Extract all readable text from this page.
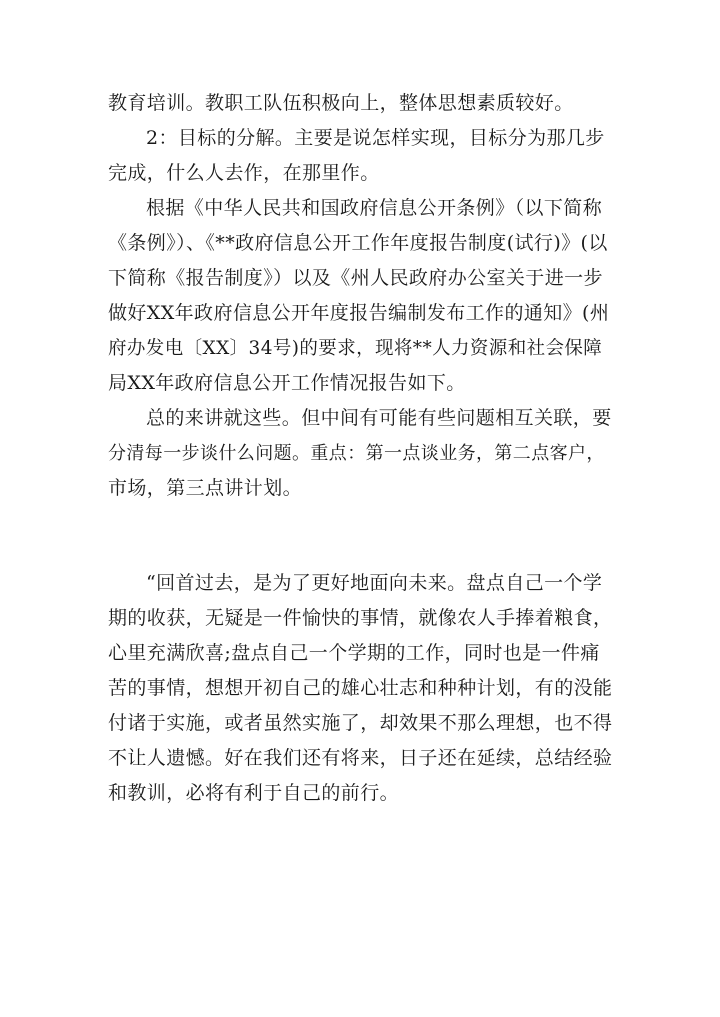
教育培训。教职工队伍积极向上，整体思想素质较好。
2：目标的分解。主要是说怎样实现，目标分为那几步
完成，什么人去作，在那里作。
根据《中华人民共和国政府信息公开条例》（以下简称
《条例》）、《**政府信息公开工作年度报告制度(试行)》(以
下简称《报告制度》）以及《州人民政府办公室关于进一步
做好XX年政府信息公开年度报告编制发布工作的通知》(州
府办发电〔XX〕34号)的要求，现将**人力资源和社会保障
局XX年政府信息公开工作情况报告如下。
总的来讲就这些。但中间有可能有些问题相互关联，要
分清每一步谈什么问题。重点：第一点谈业务，第二点客户，
市场，第三点讲计划。
“回首过去，是为了更好地面向未来。盘点自己一个学
期的收获，无疑是一件愉快的事情，就像农人手捧着粮食，
心里充满欣喜;盘点自己一个学期的工作，同时也是一件痛
苦的事情，想想开初自己的雄心壮志和种种计划，有的没能
付诸于实施，或者虽然实施了，却效果不那么理想，也不得
不让人遗憾。好在我们还有将来，日子还在延续，总结经验
和教训，必将有利于自己的前行。
